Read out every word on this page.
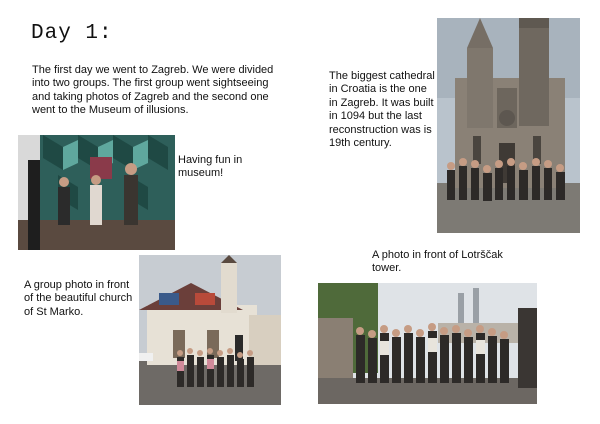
Day 1:

The first day we went to Zagreb. We were divided into two groups. The first group went sightseeing and taking photos of Zagreb and the second one went to the Museum of illusions.

The biggest cathedral in Croatia is the one in Zagreb. It was built in 1094 but the last reconstruction was is 19th century.

Having fun in museum!

A group photo in front of the beautiful church of St Marko.

A photo in front of Lotrščak tower.
